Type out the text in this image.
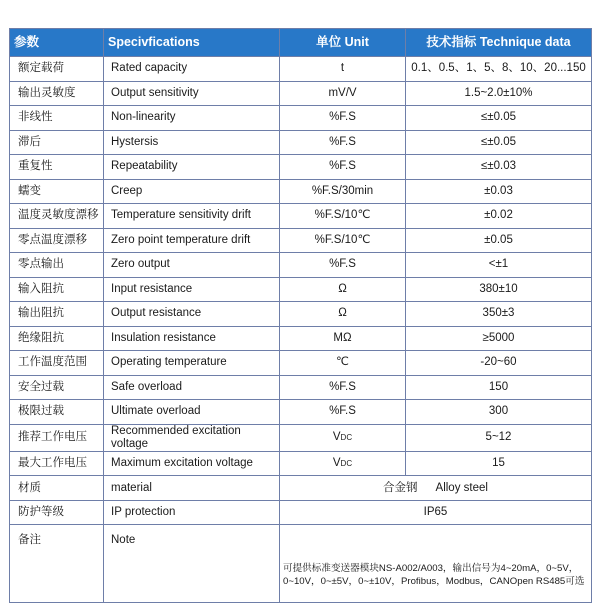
参数	Specivfications	单位 Unit	技术指标 Technique data
额定载荷	Rated capacity	t	0.1、0.5、1、5、8、10、20...150
输出灵敏度	Output sensitivity	mV/V	1.5~2.0±10%
非线性	Non-linearity	%F.S	≤±0.05
滞后	Hystersis	%F.S	≤±0.05
重复性	Repeatability	%F.S	≤±0.03
蠕变	Creep	%F.S/30min	±0.03
温度灵敏度漂移	Temperature sensitivity drift	%F.S/10℃	±0.02
零点温度漂移	Zero point temperature drift	%F.S/10℃	±0.05
零点输出	Zero output	%F.S	<±1
输入阻抗	Input resistance	Ω	380±10
输出阻抗	Output resistance	Ω	350±3
绝缘阻抗	Insulation resistance	MΩ	≥5000
工作温度范围	Operating temperature	℃	-20~60
安全过载	Safe overload	%F.S	150
极限过载	Ultimate overload	%F.S	300
推荐工作电压	Recommended excitation voltage	VDC	5~12
最大工作电压	Maximum excitation voltage	VDC	15
材质	material	合金钢 Alloy steel	
防护等级	IP protection	IP65	
备注	Note	可提供标准变送器模块NS-A002/A003，输出信号为4~20mA，0~5V，
0~10V，0~±5V，0~±10V，Profibus，Modbus，CANOpen RS485可选	
